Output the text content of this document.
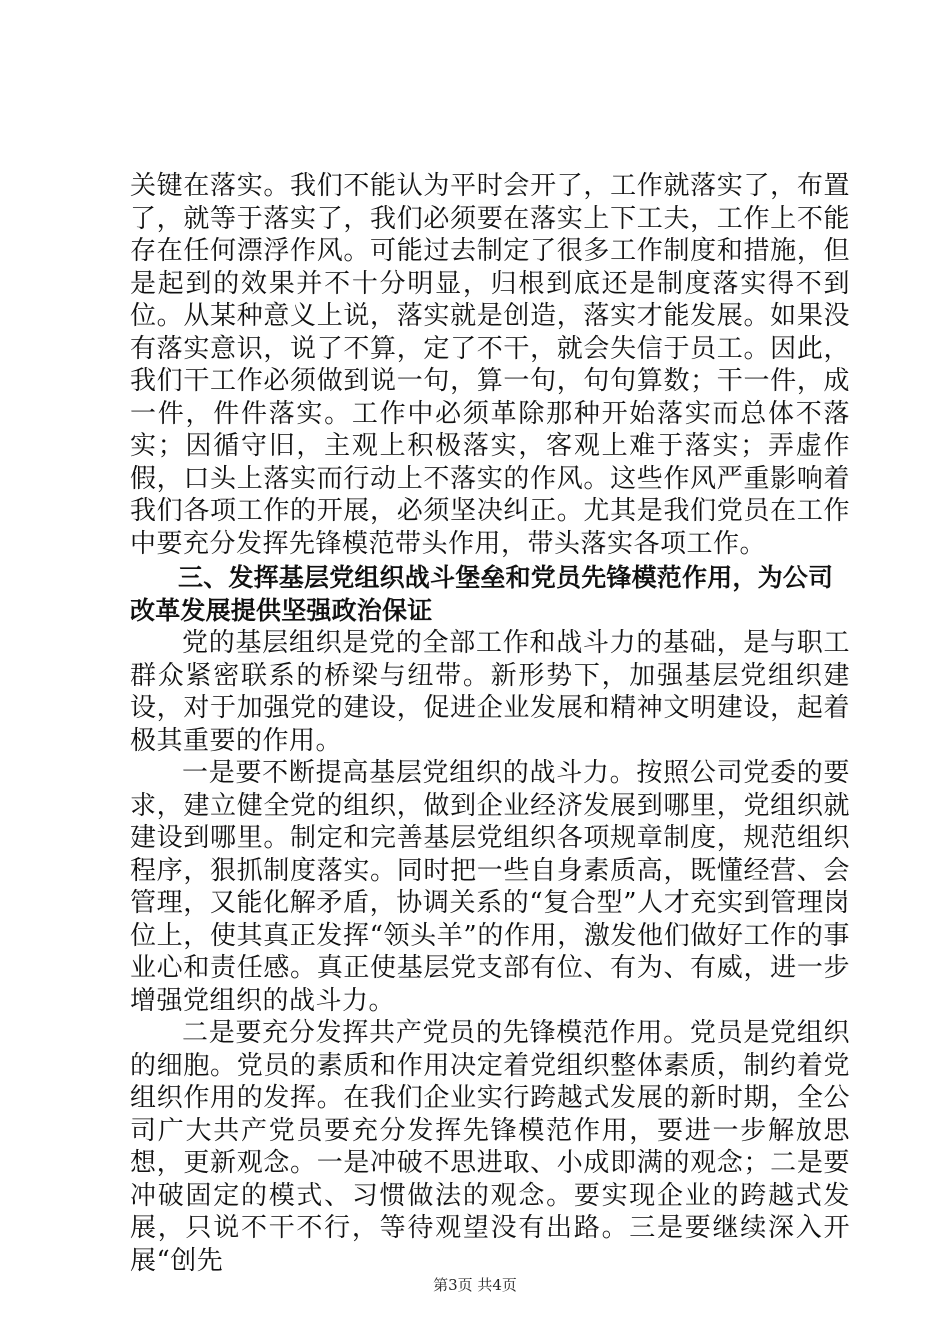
关键在落实。我们不能认为平时会开了，工作就落实了，布置了，就等于落实了，我们必须要在落实上下工夫，工作上不能存在任何漂浮作风。可能过去制定了很多工作制度和措施，但是起到的效果并不十分明显，归根到底还是制度落实得不到位。从某种意义上说，落实就是创造，落实才能发展。如果没有落实意识，说了不算，定了不干，就会失信于员工。因此，我们干工作必须做到说一句，算一句，句句算数；干一件，成一件，件件落实。工作中必须革除那种开始落实而总体不落实；因循守旧，主观上积极落实，客观上难于落实；弄虚作假，口头上落实而行动上不落实的作风。这些作风严重影响着我们各项工作的开展，必须坚决纠正。尤其是我们党员在工作中要充分发挥先锋模范带头作用，带头落实各项工作。

三、发挥基层党组织战斗堡垒和党员先锋模范作用，为公司改革发展提供坚强政治保证

党的基层组织是党的全部工作和战斗力的基础，是与职工群众紧密联系的桥梁与纽带。新形势下，加强基层党组织建设，对于加强党的建设，促进企业发展和精神文明建设，起着极其重要的作用。

一是要不断提高基层党组织的战斗力。按照公司党委的要求，建立健全党的组织，做到企业经济发展到哪里，党组织就建设到哪里。制定和完善基层党组织各项规章制度，规范组织程序，狠抓制度落实。同时把一些自身素质高，既懂经营、会管理，又能化解矛盾，协调关系的“复合型”人才充实到管理岗位上，使其真正发挥“领头羊”的作用，激发他们做好工作的事业心和责任感。真正使基层党支部有位、有为、有威，进一步增强党组织的战斗力。

二是要充分发挥共产党员的先锋模范作用。党员是党组织的细胞。党员的素质和作用决定着党组织整体素质，制约着党组织作用的发挥。在我们企业实行跨越式发展的新时期，全公司广大共产党员要充分发挥先锋模范作用，要进一步解放思想，更新观念。一是冲破不思进取、小成即满的观念；二是要冲破固定的模式、习惯做法的观念。要实现企业的跨越式发展，只说不干不行，等待观望没有出路。三是要继续深入开展“创先

第3页 共4页
